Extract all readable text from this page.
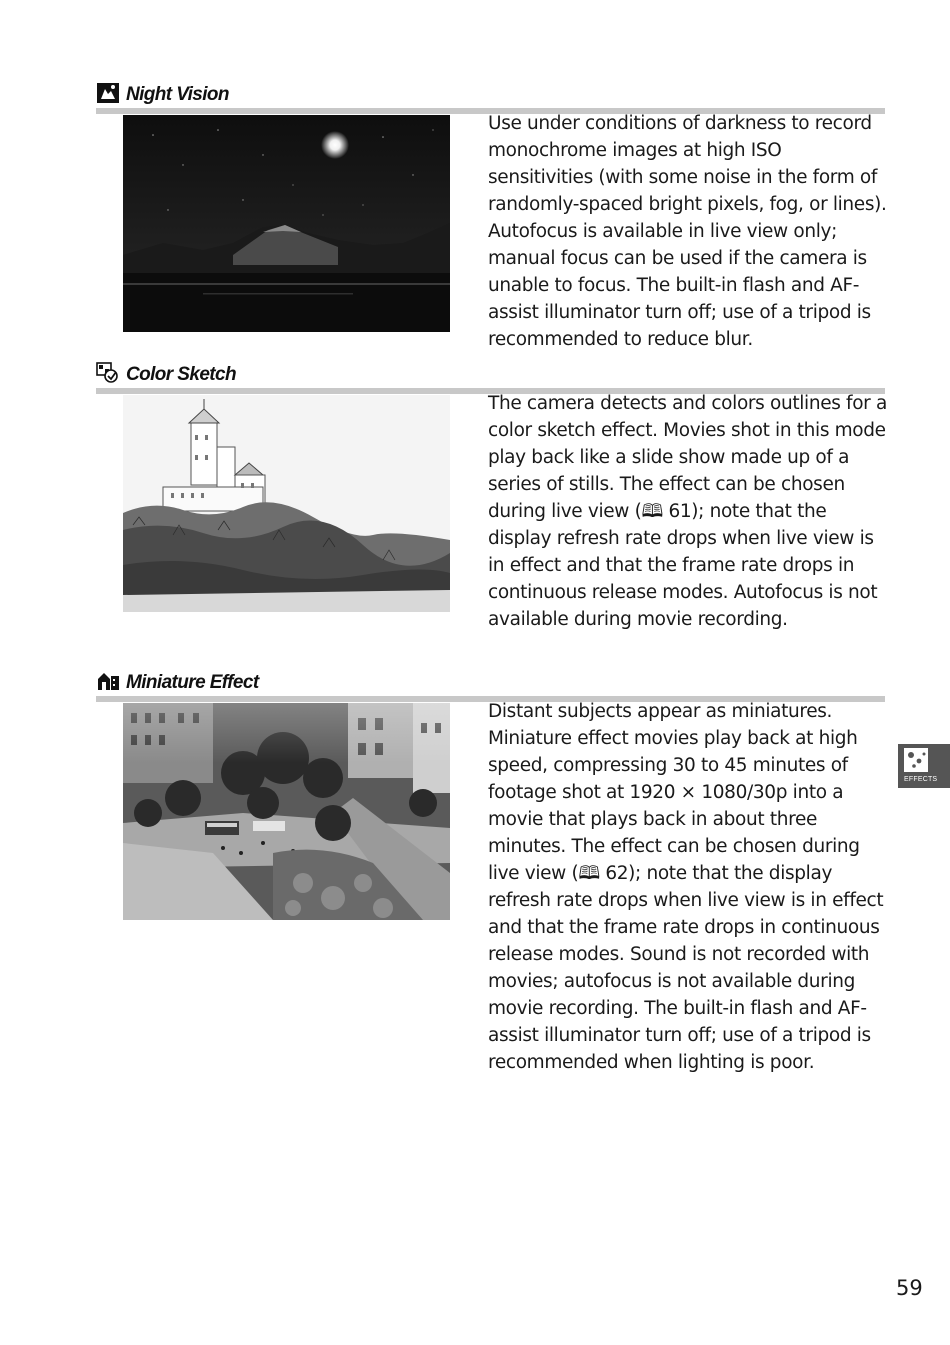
Night Vision

Use under conditions of darkness to record monochrome images at high ISO sensitivities (with some noise in the form of randomly-spaced bright pixels, fog, or lines). Autofocus is available in live view only; manual focus can be used if the camera is unable to focus. The built-in flash and AF-assist illuminator turn off; use of a tripod is recommended to reduce blur.

Color Sketch

The camera detects and colors outlines for a color sketch effect. Movies shot in this mode play back like a slide show made up of a series of stills. The effect can be chosen during live view (🕮 61); note that the display refresh rate drops when live view is in effect and that the frame rate drops in continuous release modes. Autofocus is not available during movie recording.

Miniature Effect

Distant subjects appear as miniatures. Miniature effect movies play back at high speed, compressing 30 to 45 minutes of footage shot at 1920 × 1080/30p into a movie that plays back in about three minutes. The effect can be chosen during live view (🕮 62); note that the display refresh rate drops when live view is in effect and that the frame rate drops in continuous release modes. Sound is not recorded with movies; autofocus is not available during movie recording. The built-in flash and AF-assist illuminator turn off; use of a tripod is recommended when lighting is poor.

EFFECTS
59
